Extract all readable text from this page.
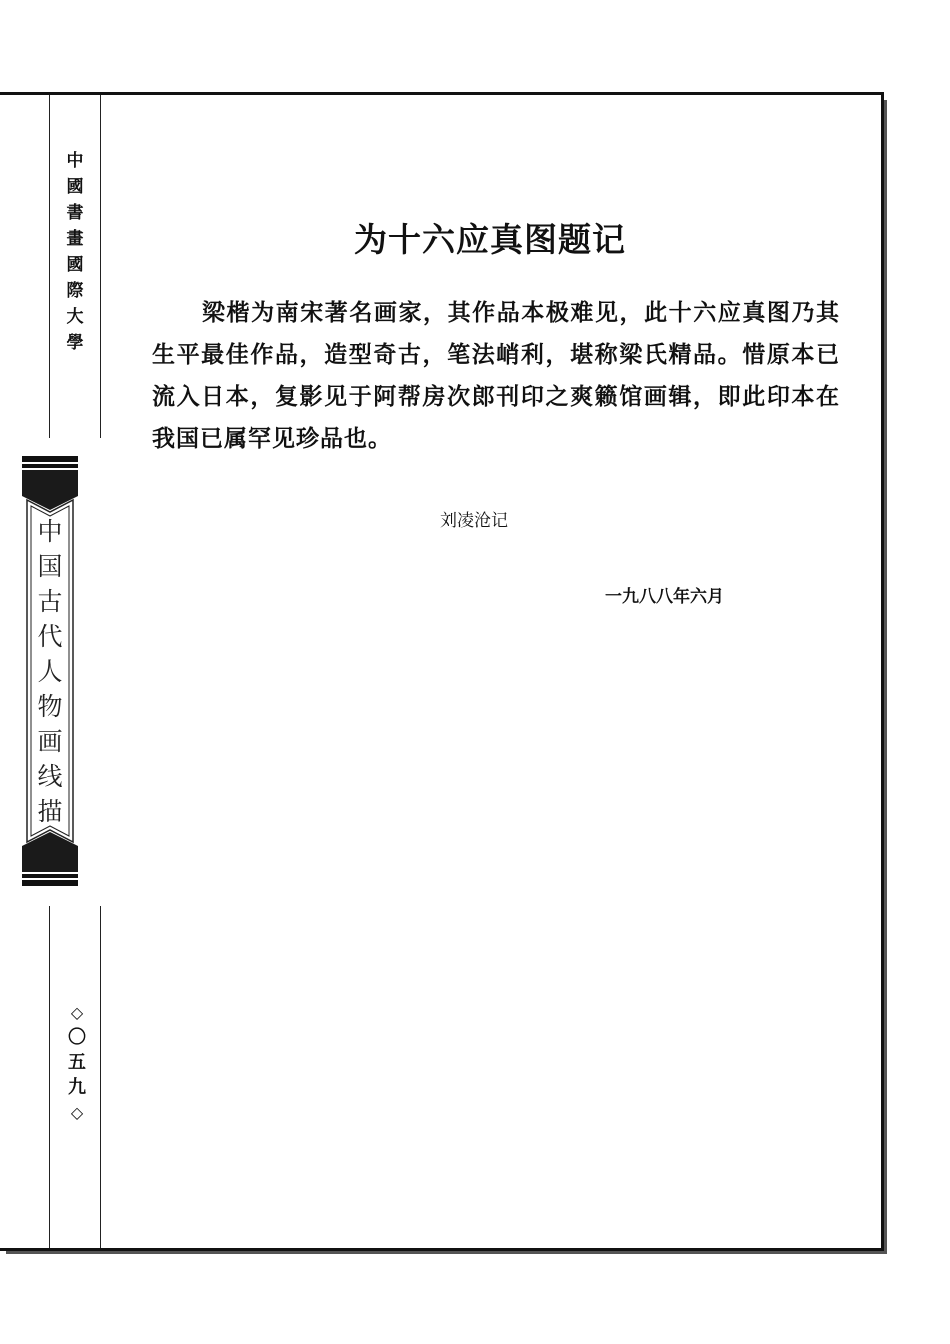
中
國
書
畫
國
際
大
學
中
国
古
代
人
物
画
线
描
◇
〇
五
九
◇
为十六应真图题记

梁楷为南宋著名画家，其作品本极难见，此十六应真图乃其生平最佳作品，造型奇古，笔法峭利，堪称梁氏精品。惜原本已流入日本，复影见于阿帮房次郎刊印之爽籁馆画辑，即此印本在我国已属罕见珍品也。

刘凌沧记
一九八八年六月
